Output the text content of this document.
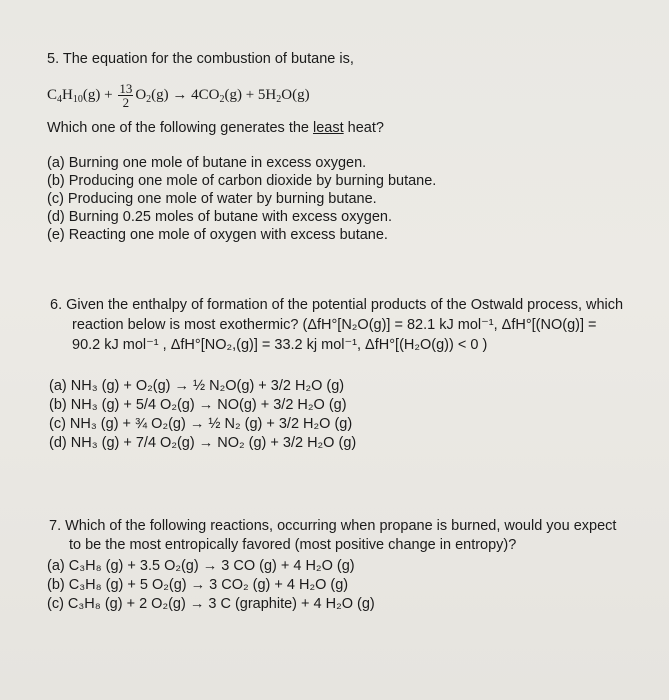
5. The equation for the combustion of butane is,
$C_4H_{10}(g) + \frac{13}{2} O_2(g) \to 4CO_2(g) + 5H_2O(g)$
Which one of the following generates the least heat?
(a) Burning one mole of butane in excess oxygen.
(b) Producing one mole of carbon dioxide by burning butane.
(c) Producing one mole of water by burning butane.
(d) Burning 0.25 moles of butane with excess oxygen.
(e) Reacting one mole of oxygen with excess butane.
6. Given the enthalpy of formation of the potential products of the Ostwald process, which
reaction below is most exothermic? (ΔfH°[N₂O(g)] = 82.1 kJ mol⁻¹, ΔfH°[(NO(g)] =
90.2 kJ mol⁻¹ , ΔfH°[NO₂,(g)] = 33.2 kj mol⁻¹, ΔfH°[(H₂O(g)) < 0 )
(a) NH₃ (g) + O₂(g) → ½ N₂O(g) + 3/2 H₂O (g)
(b) NH₃ (g) + 5/4 O₂(g) → NO(g) + 3/2 H₂O (g)
(c) NH₃ (g) + ¾ O₂(g) → ½ N₂ (g) + 3/2 H₂O (g)
(d) NH₃ (g) + 7/4 O₂(g) → NO₂ (g) + 3/2 H₂O (g)
7. Which of the following reactions, occurring when propane is burned, would you expect
to be the most entropically favored (most positive change in entropy)?
(a) C₃H₈ (g) + 3.5 O₂(g) → 3 CO (g) + 4 H₂O (g)
(b) C₃H₈ (g) + 5 O₂(g) → 3 CO₂ (g) + 4 H₂O (g)
(c) C₃H₈ (g) + 2 O₂(g) → 3 C (graphite) + 4 H₂O (g)
